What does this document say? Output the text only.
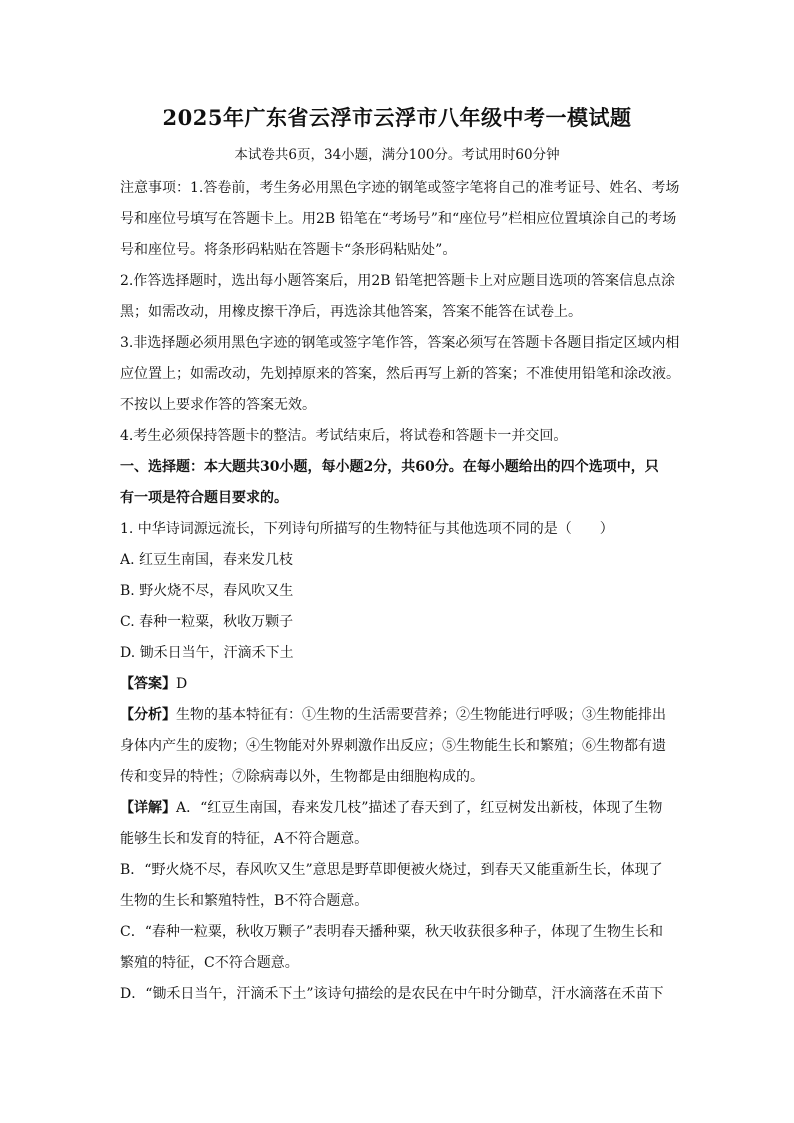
2025年广东省云浮市云浮市八年级中考一模试题
本试卷共6页，34小题，满分100分。考试用时60分钟
注意事项：1.答卷前，考生务必用黑色字迹的钢笔或签字笔将自己的准考证号、姓名、考场
号和座位号填写在答题卡上。用2B 铅笔在“考场号”和“座位号”栏相应位置填涂自己的考场
号和座位号。将条形码粘贴在答题卡“条形码粘贴处”。
2.作答选择题时，选出每小题答案后，用2B 铅笔把答题卡上对应题目选项的答案信息点涂
黑；如需改动，用橡皮擦干净后，再选涂其他答案，答案不能答在试卷上。
3.非选择题必须用黑色字迹的钢笔或签字笔作答，答案必须写在答题卡各题目指定区域内相
应位置上；如需改动，先划掉原来的答案，然后再写上新的答案；不准使用铅笔和涂改液。
不按以上要求作答的答案无效。
4.考生必须保持答题卡的整洁。考试结束后，将试卷和答题卡一并交回。
一、选择题：本大题共30小题，每小题2分，共60分。在每小题给出的四个选项中，只
有一项是符合题目要求的。
1. 中华诗词源远流长，下列诗句所描写的生物特征与其他选项不同的是（　　）
A. 红豆生南国，春来发几枝
B. 野火烧不尽，春风吹又生
C. 春种一粒粟，秋收万颗子
D. 锄禾日当午，汗滴禾下土
【答案】D
【分析】生物的基本特征有：①生物的生活需要营养；②生物能进行呼吸；③生物能排出
身体内产生的废物；④生物能对外界刺激作出反应；⑤生物能生长和繁殖；⑥生物都有遗
传和变异的特性；⑦除病毒以外，生物都是由细胞构成的。
【详解】A．“红豆生南国，春来发几枝”描述了春天到了，红豆树发出新枝，体现了生物
能够生长和发育的特征，A不符合题意。
B．“野火烧不尽，春风吹又生”意思是野草即便被火烧过，到春天又能重新生长，体现了
生物的生长和繁殖特性，B不符合题意。
C．“春种一粒粟，秋收万颗子”表明春天播种粟，秋天收获很多种子，体现了生物生长和
繁殖的特征，C不符合题意。
D．“锄禾日当午，汗滴禾下土”该诗句描绘的是农民在中午时分锄草，汗水滴落在禾苗下
